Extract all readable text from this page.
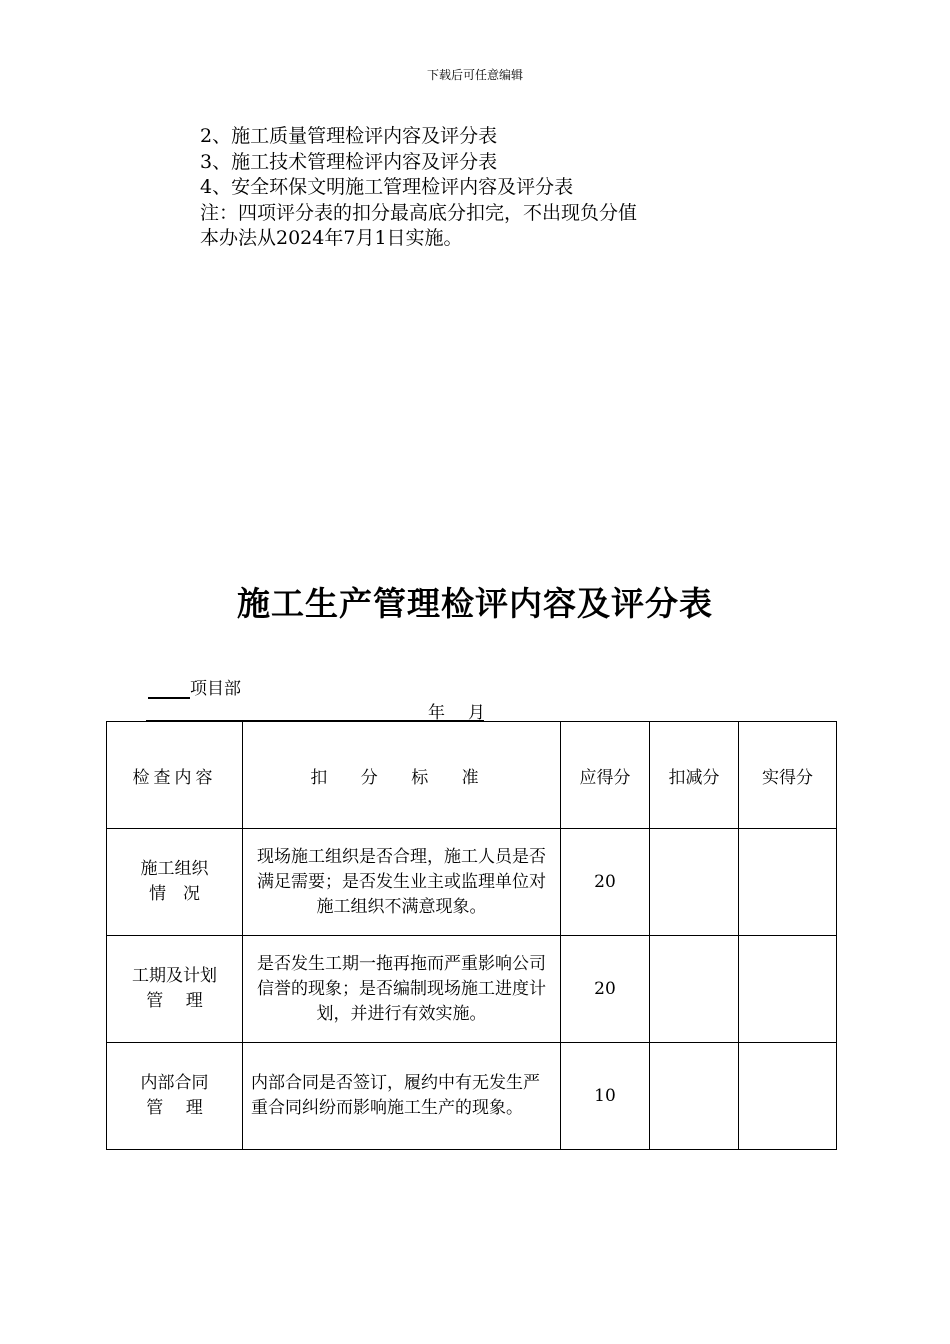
下载后可任意编辑
2、施工质量管理检评内容及评分表
3、施工技术管理检评内容及评分表
4、安全环保文明施工管理检评内容及评分表
注：四项评分表的扣分最高底分扣完，不出现负分值
本办法从2024年7月1日实施。
施工生产管理检评内容及评分表
项目部
年 月
检查内容	扣 分 标 准	应得分	扣减分	实得分
施工组织
情　况	现场施工组织是否合理，施工人员是否满足需要；是否发生业主或监理单位对施工组织不满意现象。	20		
工期及计划
管　 理	是否发生工期一拖再拖而严重影响公司信誉的现象；是否编制现场施工进度计划，并进行有效实施。	20		
内部合同
管　 理	内部合同是否签订，履约中有无发生严重合同纠纷而影响施工生产的现象。	10		
